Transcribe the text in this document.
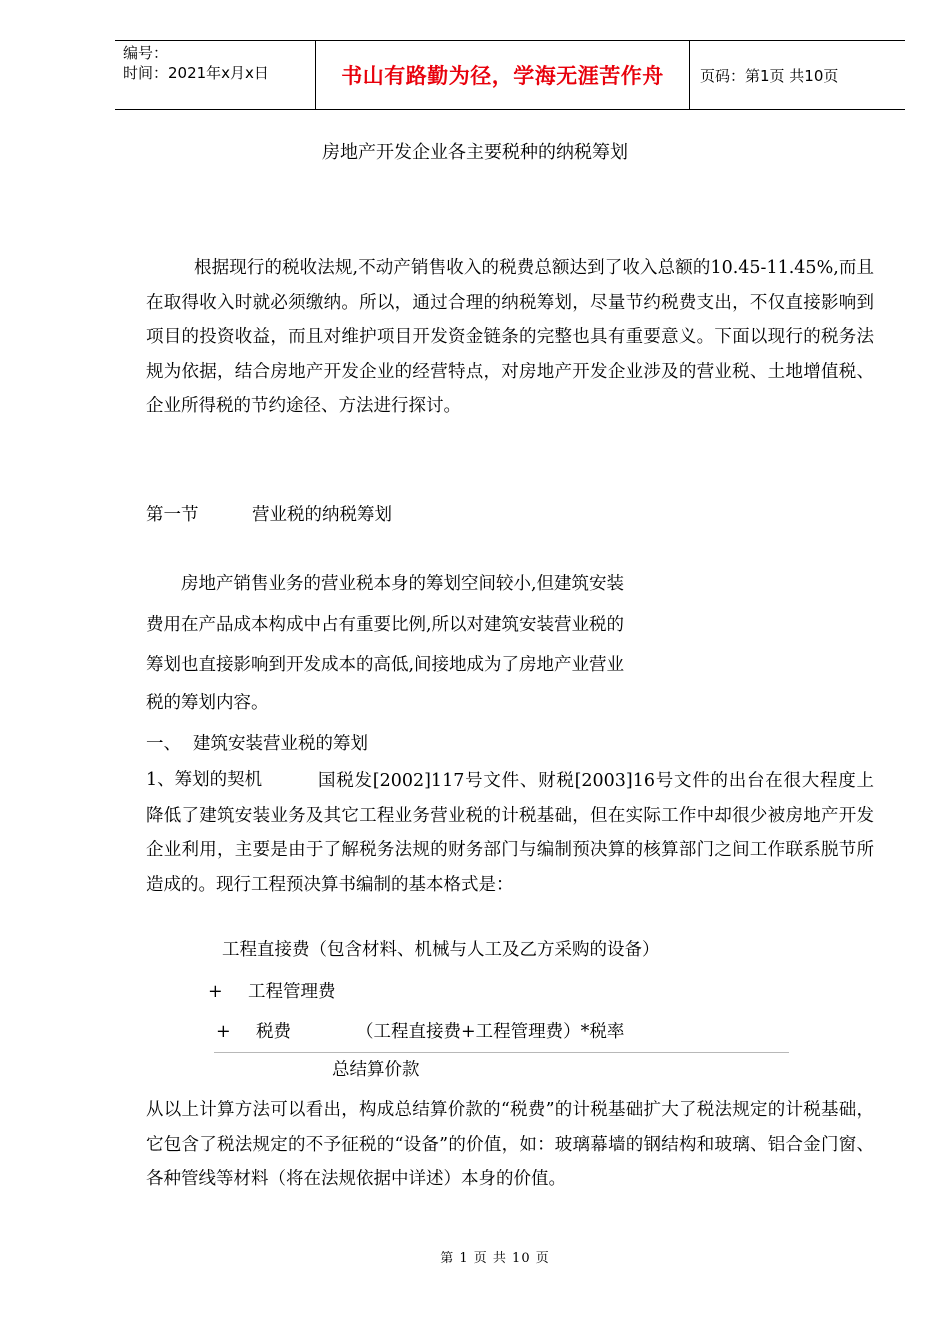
编号：
时间：2021年x月x日	书山有路勤为径，学海无涯苦作舟	页码：第1页 共10页
房地产开发企业各主要税种的纳税筹划

根据现行的税收法规,不动产销售收入的税费总额达到了收入总额的10.45-11.45%,而且在取得收入时就必须缴纳。所以，通过合理的纳税筹划，尽量节约税费支出，不仅直接影响到项目的投资收益，而且对维护项目开发资金链条的完整也具有重要意义。下面以现行的税务法规为依据，结合房地产开发企业的经营特点，对房地产开发企业涉及的营业税、土地增值税、企业所得税的节约途径、方法进行探讨。

第一节	营业税的纳税筹划
房地产销售业务的营业税本身的筹划空间较小,但建筑安装
费用在产品成本构成中占有重要比例,所以对建筑安装营业税的
筹划也直接影响到开发成本的高低,间接地成为了房地产业营业
税的筹划内容。
一、 建筑安装营业税的筹划
1、筹划的契机	国税发[2002]117号文件、财税[2003]16号文件的出台在很大程度上降低了建筑安装业务及其它工程业务营业税的计税基础，但在实际工作中却很少被房地产开发企业利用，主要是由于了解税务法规的财务部门与编制预决算的核算部门之间工作联系脱节所造成的。现行工程预决算书编制的基本格式是：

工程直接费（包含材料、机械与人工及乙方采购的设备）
+ 工程管理费
+ 税费	（工程直接费+工程管理费）*税率
总结算价款

从以上计算方法可以看出，构成总结算价款的“税费”的计税基础扩大了税法规定的计税基础，它包含了税法规定的不予征税的“设备”的价值，如：玻璃幕墙的钢结构和玻璃、铝合金门窗、各种管线等材料（将在法规依据中详述）本身的价值。

第 1 页 共 10 页
